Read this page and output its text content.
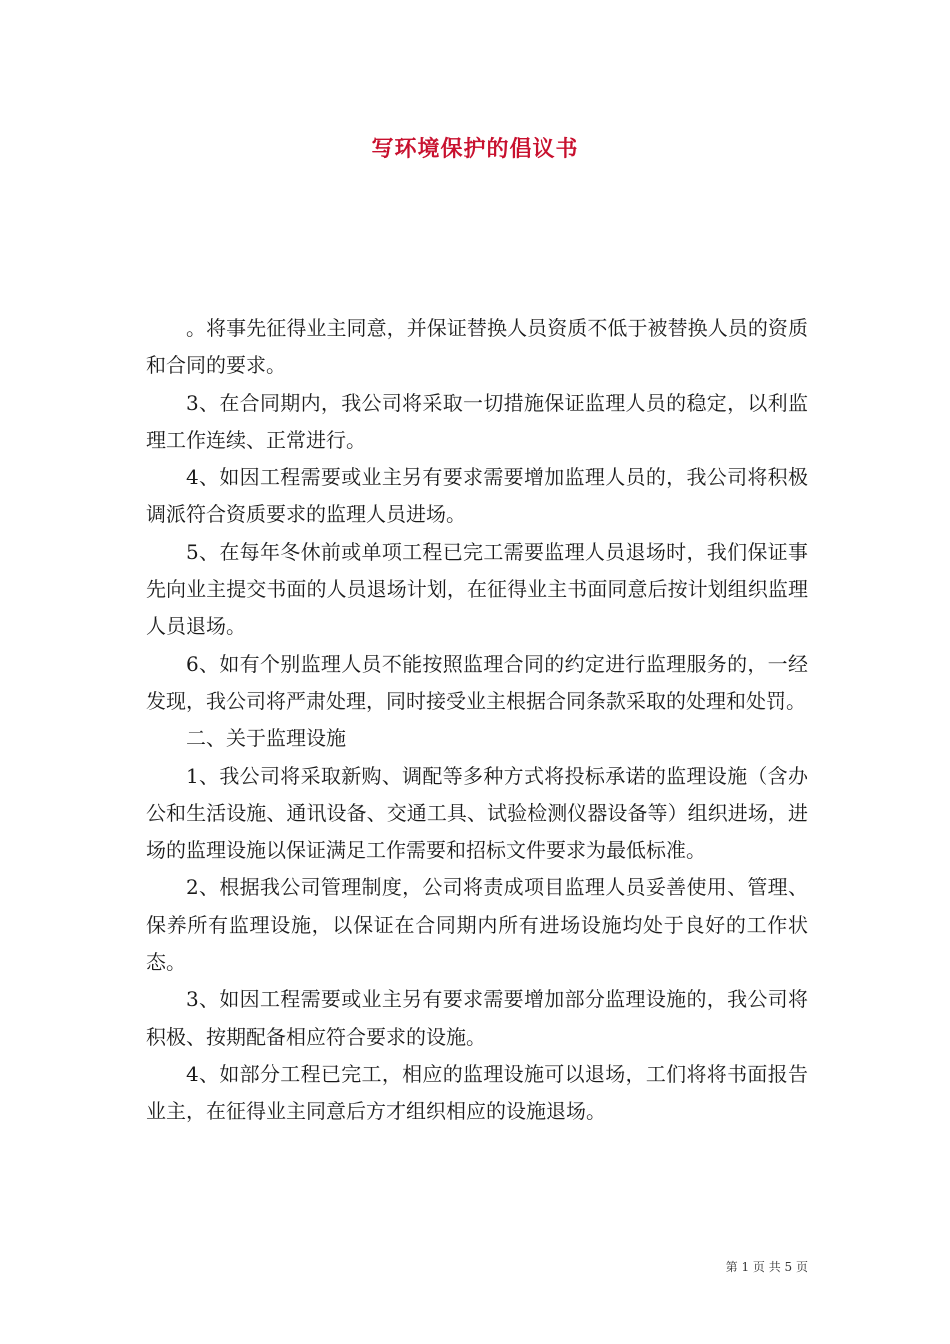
写环境保护的倡议书

。将事先征得业主同意，并保证替换人员资质不低于被替换人员的资质和合同的要求。

3、在合同期内，我公司将采取一切措施保证监理人员的稳定，以利监理工作连续、正常进行。

4、如因工程需要或业主另有要求需要增加监理人员的，我公司将积极调派符合资质要求的监理人员进场。

5、在每年冬休前或单项工程已完工需要监理人员退场时，我们保证事先向业主提交书面的人员退场计划，在征得业主书面同意后按计划组织监理人员退场。

6、如有个别监理人员不能按照监理合同的约定进行监理服务的，一经发现，我公司将严肃处理，同时接受业主根据合同条款采取的处理和处罚。

二、关于监理设施

1、我公司将采取新购、调配等多种方式将投标承诺的监理设施（含办公和生活设施、通讯设备、交通工具、试验检测仪器设备等）组织进场，进场的监理设施以保证满足工作需要和招标文件要求为最低标准。

2、根据我公司管理制度，公司将责成项目监理人员妥善使用、管理、保养所有监理设施，以保证在合同期内所有进场设施均处于良好的工作状态。

3、如因工程需要或业主另有要求需要增加部分监理设施的，我公司将积极、按期配备相应符合要求的设施。

4、如部分工程已完工，相应的监理设施可以退场，工们将将书面报告业主，在征得业主同意后方才组织相应的设施退场。

第 1 页 共 5 页
